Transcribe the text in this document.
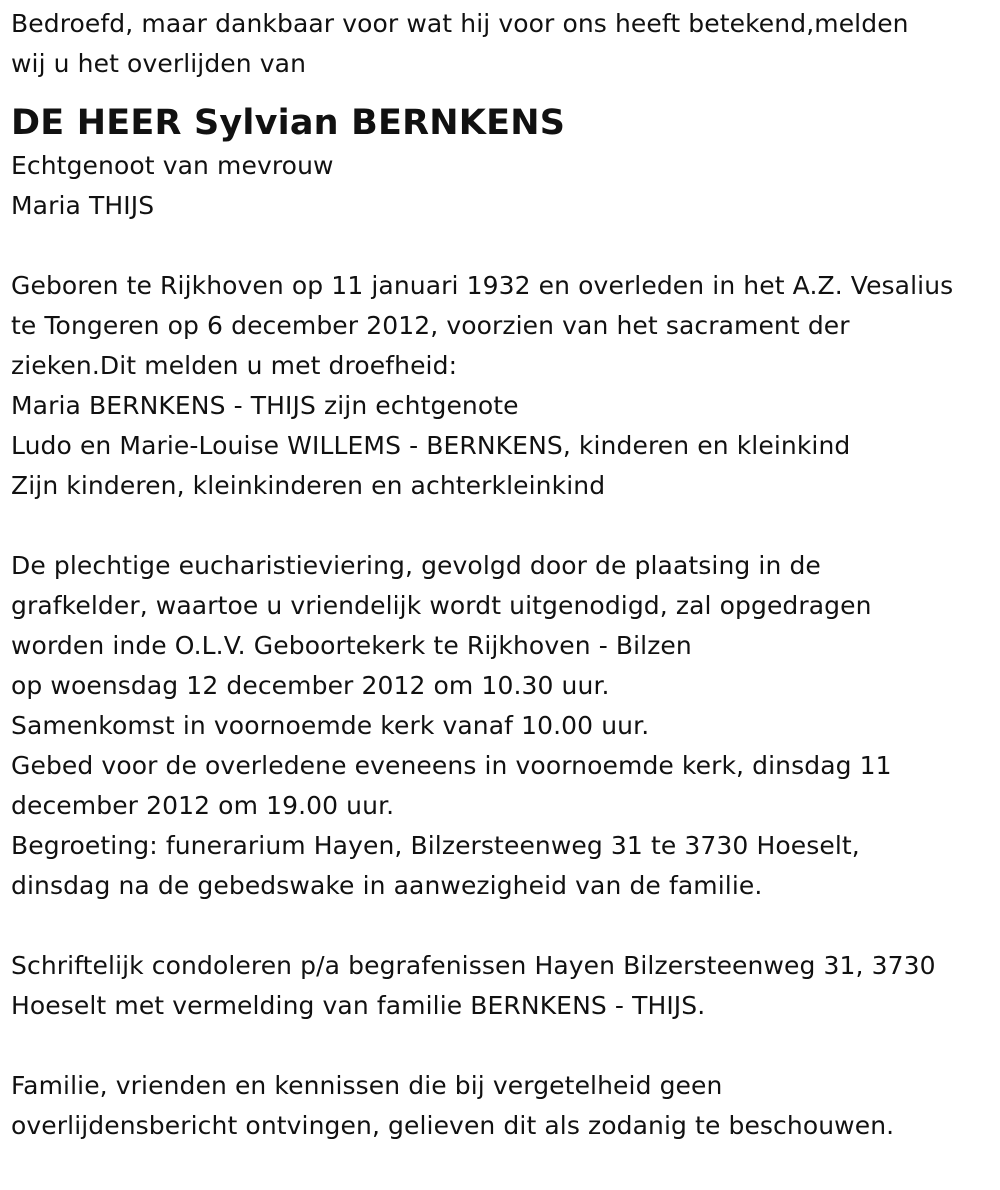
Bedroefd, maar dankbaar voor wat hij voor ons heeft betekend,melden
wij u het overlijden van
DE HEER Sylvian BERNKENS
Echtgenoot van mevrouw
Maria THIJS
Geboren te Rijkhoven op 11 januari 1932 en overleden in het A.Z. Vesalius
te Tongeren op 6 december 2012, voorzien van het sacrament der
zieken.Dit melden u met droefheid:
Maria BERNKENS - THIJS zijn echtgenote
Ludo en Marie-Louise WILLEMS - BERNKENS, kinderen en kleinkind
Zijn kinderen, kleinkinderen en achterkleinkind
De plechtige eucharistieviering, gevolgd door de plaatsing in de
grafkelder, waartoe u vriendelijk wordt uitgenodigd, zal opgedragen
worden inde O.L.V. Geboortekerk te Rijkhoven - Bilzen
op woensdag 12 december 2012 om 10.30 uur.
Samenkomst in voornoemde kerk vanaf 10.00 uur.
Gebed voor de overledene eveneens in voornoemde kerk, dinsdag 11
december 2012 om 19.00 uur.
Begroeting: funerarium Hayen, Bilzersteenweg 31 te 3730 Hoeselt,
dinsdag na de gebedswake in aanwezigheid van de familie.
Schriftelijk condoleren p/a begrafenissen Hayen Bilzersteenweg 31, 3730
Hoeselt met vermelding van familie BERNKENS - THIJS.
Familie, vrienden en kennissen die bij vergetelheid geen
overlijdensbericht ontvingen, gelieven dit als zodanig te beschouwen.
